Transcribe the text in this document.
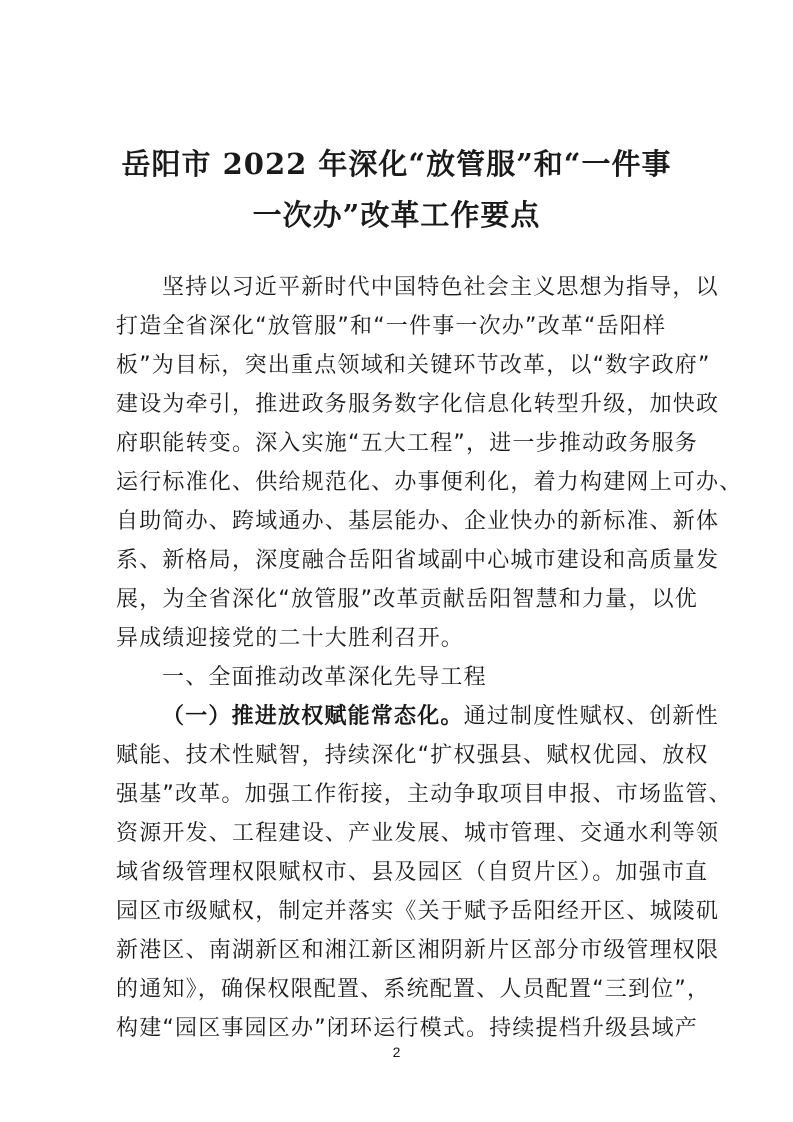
岳阳市 2022 年深化“放管服”和“一件事
一次办”改革工作要点
坚持以习近平新时代中国特色社会主义思想为指导，以
打造全省深化“放管服”和“一件事一次办”改革“岳阳样
板”为目标，突出重点领域和关键环节改革，以“数字政府”
建设为牵引，推进政务服务数字化信息化转型升级，加快政
府职能转变。深入实施“五大工程”，进一步推动政务服务
运行标准化、供给规范化、办事便利化，着力构建网上可办、
自助简办、跨域通办、基层能办、企业快办的新标准、新体
系、新格局，深度融合岳阳省域副中心城市建设和高质量发
展，为全省深化“放管服”改革贡献岳阳智慧和力量，以优
异成绩迎接党的二十大胜利召开。
一、全面推动改革深化先导工程
（一）推进放权赋能常态化。通过制度性赋权、创新性
赋能、技术性赋智，持续深化“扩权强县、赋权优园、放权
强基”改革。加强工作衔接，主动争取项目申报、市场监管、
资源开发、工程建设、产业发展、城市管理、交通水利等领
域省级管理权限赋权市、县及园区（自贸片区）。加强市直
园区市级赋权，制定并落实《关于赋予岳阳经开区、城陵矶
新港区、南湖新区和湘江新区湘阴新片区部分市级管理权限
的通知》，确保权限配置、系统配置、人员配置“三到位”，
构建“园区事园区办”闭环运行模式。持续提档升级县域产
2
